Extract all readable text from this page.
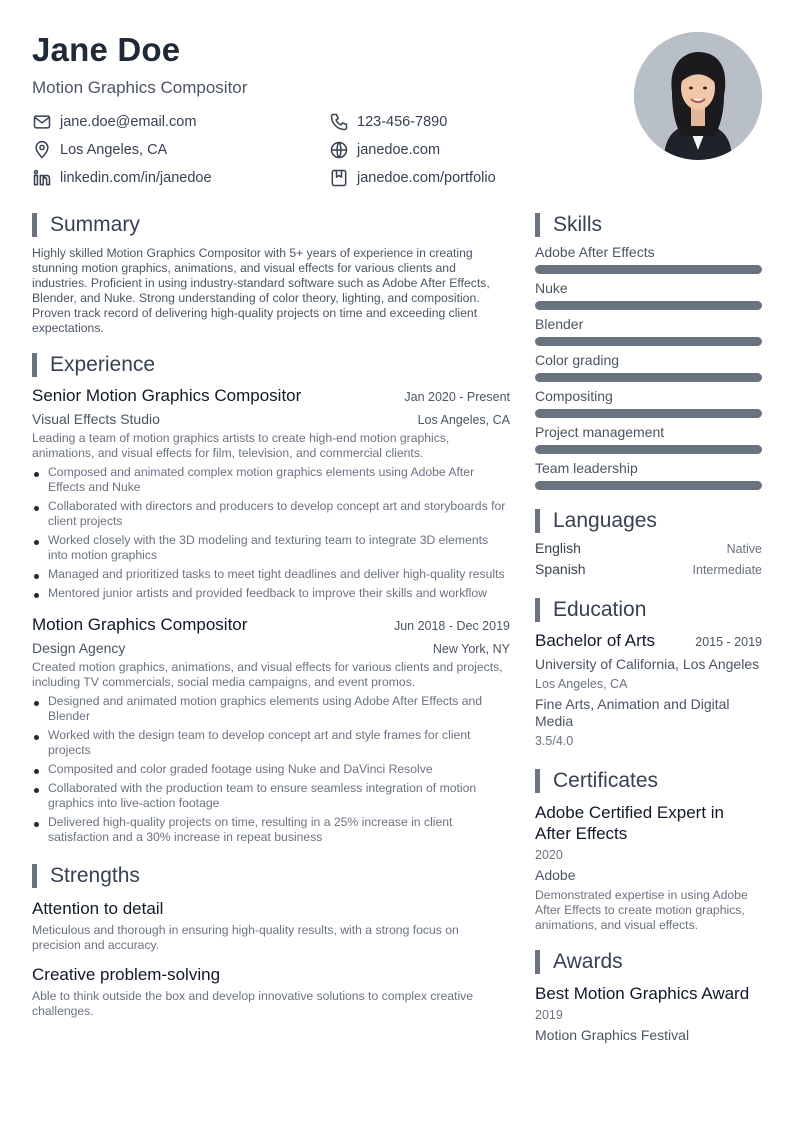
Jane Doe
Motion Graphics Compositor
jane.doe@email.com	123-456-7890
Los Angeles, CA	janedoe.com
linkedin.com/in/janedoe	janedoe.com/portfolio
Summary
Highly skilled Motion Graphics Compositor with 5+ years of experience in creating stunning motion graphics, animations, and visual effects for various clients and industries. Proficient in using industry-standard software such as Adobe After Effects, Blender, and Nuke. Strong understanding of color theory, lighting, and composition. Proven track record of delivering high-quality projects on time and exceeding client expectations.
Experience
Senior Motion Graphics Compositor	Jan 2020 - Present
Visual Effects Studio	Los Angeles, CA
Leading a team of motion graphics artists to create high-end motion graphics, animations, and visual effects for film, television, and commercial clients.
Composed and animated complex motion graphics elements using Adobe After Effects and Nuke
Collaborated with directors and producers to develop concept art and storyboards for client projects
Worked closely with the 3D modeling and texturing team to integrate 3D elements into motion graphics
Managed and prioritized tasks to meet tight deadlines and deliver high-quality results
Mentored junior artists and provided feedback to improve their skills and workflow
Motion Graphics Compositor	Jun 2018 - Dec 2019
Design Agency	New York, NY
Created motion graphics, animations, and visual effects for various clients and projects, including TV commercials, social media campaigns, and event promos.
Designed and animated motion graphics elements using Adobe After Effects and Blender
Worked with the design team to develop concept art and style frames for client projects
Composited and color graded footage using Nuke and DaVinci Resolve
Collaborated with the production team to ensure seamless integration of motion graphics into live-action footage
Delivered high-quality projects on time, resulting in a 25% increase in client satisfaction and a 30% increase in repeat business
Strengths
Attention to detail
Meticulous and thorough in ensuring high-quality results, with a strong focus on precision and accuracy.
Creative problem-solving
Able to think outside the box and develop innovative solutions to complex creative challenges.
Skills
Adobe After Effects
Nuke
Blender
Color grading
Compositing
Project management
Team leadership
Languages
English	Native
Spanish	Intermediate
Education
Bachelor of Arts	2015 - 2019
University of California, Los Angeles
Los Angeles, CA
Fine Arts, Animation and Digital Media
3.5/4.0
Certificates
Adobe Certified Expert in After Effects
2020
Adobe
Demonstrated expertise in using Adobe After Effects to create motion graphics, animations, and visual effects.
Awards
Best Motion Graphics Award
2019
Motion Graphics Festival
